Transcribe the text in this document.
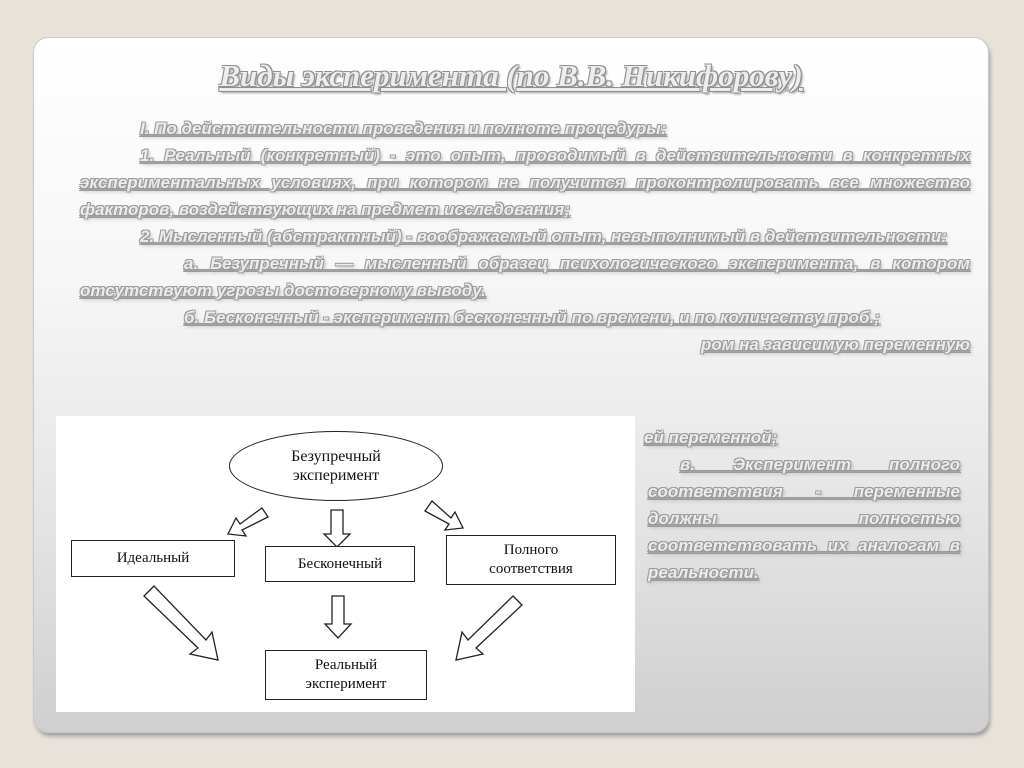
Виды эксперимента (по В.В. Никифорову)

I. По действительности проведения и полноте процедуры:

1. Реальный (конкретный) - это опыт, проводимый в действительности в конкретных экспериментальных условиях, при котором не получится проконтролировать все множество факторов, воздействующих на предмет исследования;

2. Мысленный (абстрактный) - воображаемый опыт, невыполнимый в действительности:

а. Безупречный — мысленный образец психологического эксперимента, в котором отсутствуют угрозы достоверному выводу.

б. Бесконечный - эксперимент бесконечный по времени, и по количеству проб.;

ром на зависимую переменную

ей переменной;

в. Эксперимент полного соответствия - переменные должны полностью соответствовать их аналогам в реальности.

Безупречный эксперимент
Идеальный	Бесконечный
Полного соответствия
Реальный эксперимент
